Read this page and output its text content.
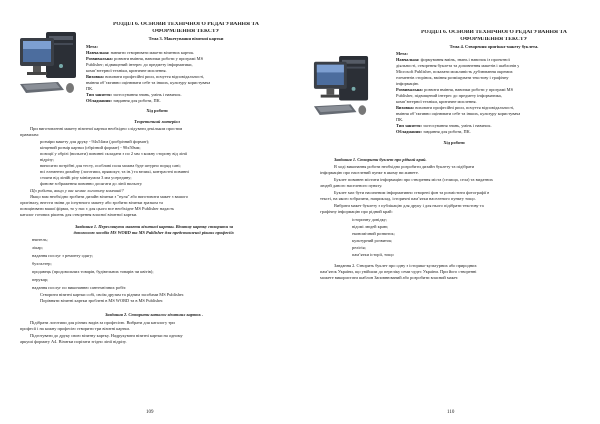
РОЗДІЛ 6. ОСНОВИ ТЕХНІЧНОГО РЕДАГУВАННЯ ТА

ОФОРМЛЕННЯ ТЕКСТУ

Тема 3. Макетування візитної картки

Мета:

Навчальна: навчити створювати макети візитних карток.

Розвивальна: розвити вміння, навички роботи у програмі MS

Publisher; підвищений інтерес до предмету інформатики,

комп’ютерної техніки, критичне мислення.

Виховна: виховати професійні риси, почуття відповідальності,

вміння об’єктивно оцінювати себе та інших, культуру користувача

ПК.

Тип заняття: застосування знань, умінь і навичок.

Обладнання: завдання для роботи, ПК.

Хід роботи

Теоретичний матеріал

При виготовленні макету візитної картки необхідно слідувати декільком простим

правилам:

• розміри макету для друку - 94х54мм (дообрізний формат);

• кінцевий розмір картки (обрізний формат) - 90х50мм;

• позиції у обрізі (вильоти) повинні складати з по 2 мм з кожну сторону від лінії

відрізу;

• виносити потрібні для тесту, особливі поля можна буде штурно поряд сані;

• всі елементи дизайну (логотипи, прямокут, та ін.) та великі, контрастні повинні

стояти від лінійі різу мінімумом 3 мм усередину;

• фонове зображення повинно досягати до лінії вильоту.

Що робити, якщо у вас немає логотипу компанії?

Якщо вам необхідно зробити дизайн візитки з "нуля" або виготовити макет з вашого

оригіналу, внести зміни до існуючого макету або зробити візитки зразком та

позиціювати вашої фірми, то у нас є для цього все необхідне MS Publisher надасть

каталог готових рішень для створення власної візитної картки.

Завдання 1. Переглянути макети візитної картки. Візитну картку створити за

допомогою засобів MS WORD та MS Publisher для представленої рівних професій:

– вчитель;

– лікар;

– надання послуг з ремонту одягу;

– бухгалтер;

– продавець (продовольчих товарів, будівельних товарів чи квітів);

– перукар;

– надання послуг по виконанню сантехнічних робіт.

Створити візитні картки собі, своїм друзям та рідним засобами MS Publisher.

Порівняти візитні картки зроблені в MS WORD та в MS Publisher.

Завдання 2. Створити каталог візитних карток .

Підібрати логотипи для різних видів за професією. Вибрати для каталогу три

професії і на кожну професію створити три візитні картки.

Підготувати до друку свою візитну картку. Надрукувати візитні картки на одному

аркуші формату А4. Візитки порізати згідно лінії відрізу.

109

РОЗДІЛ 6. ОСНОВИ ТЕХНІЧНОГО РЕДАГУВАННЯ ТА

ОФОРМЛЕННЯ ТЕКСТУ

Тема 4. Створення оригінал-макету буклета.

Мета:

Навчальна: формування вмінь, знань і навичок із проектної

діяльності, створення буклета та доповнення макетів і шаблонів у

Microsoft Publisher, показати можливість дублювання окремих

елементів сторінок, вміння розміщувати текстову і графічну

інформацію.

Розвивальна: розвити вміння, навички роботи у програмі MS

Publisher, підвищений інтерес до предмету інформатика,

комп’ютерної техніки, критичне мислення.

Виховна: виховати професійні риси, почуття відповідальності,

вміння об’єктивно оцінювати себе та інших, культуру користувача

ПК.

Тип заняття: застосування знань, умінь і навичок.

Обладнання: завдання для роботи, ПК.

Хід роботи

Завдання 1. Створити буклет про рідний край.

В ході виконання роботи необхідно розробити дизайн буклету та підібрати

інформацію про населений пункт в якому ви живете.

Буклет повинен містити інформацію про створення міста (селища, села) та видатних

людей даного населеного пункту.

Буклет має бути насиченим інформативно створені фон та розмістити фотографії в

тексті, на якого зобразити, наприклад, історичні пам’ятки населеного пункту тощо.

Вибрати макет буклету з публікацію для друку і для нього підібрати текстову та

графічну інформацію про рідний край:

• історичну довідку;

• відомі людей краю;

• економічний розвиток;

• культурний розвиток;

• релігія;

• пам’ятки історії, тощо

Завдання 2. Створить буклет про одну з історико-культурних або природних

пам’яток України, що увійшли до переліку семи чудес України. При його створенні

можете використати шаблон Заповнюваний або розробити власний макет.

110
